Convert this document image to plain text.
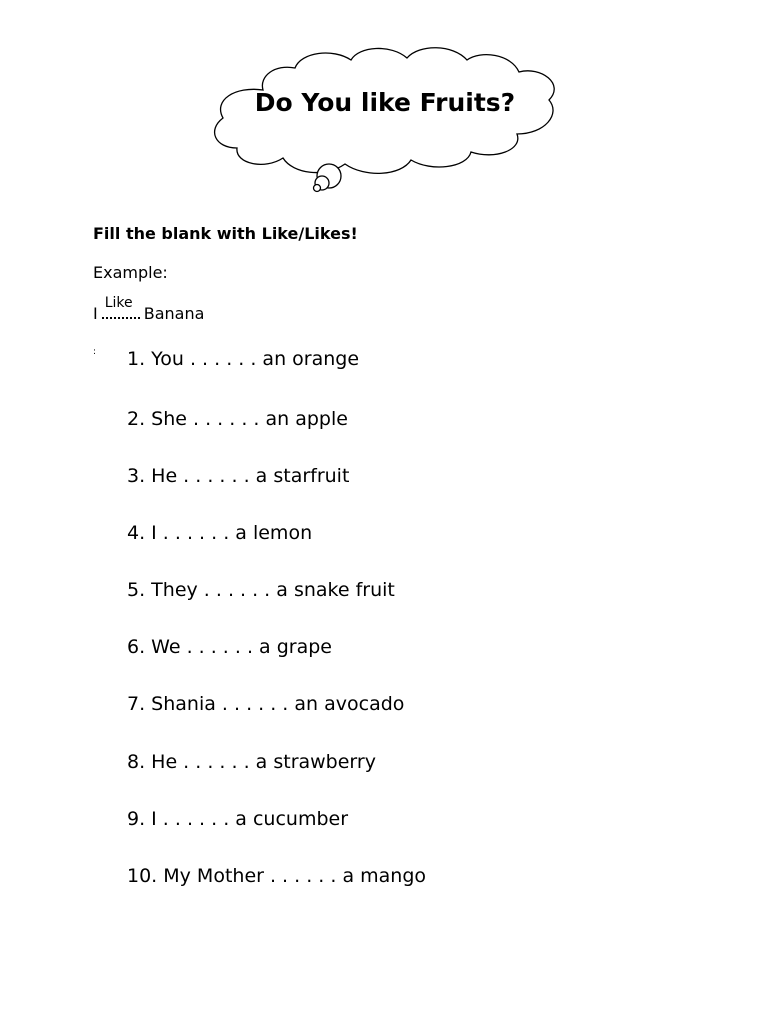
Do You like Fruits?
Fill the blank with Like/Likes!
Example:
I
Like
Banana
: 1. You . . . . . . an orange
2. She . . . . . . an apple
3. He . . . . . . a starfruit
4. I . . . . . . a lemon
5. They . . . . . . a snake fruit
6. We . . . . . . a grape
7. Shania . . . . . . an avocado
8. He . . . . . . a strawberry
9. I . . . . . . a cucumber
10. My Mother . . . . . . a mango
